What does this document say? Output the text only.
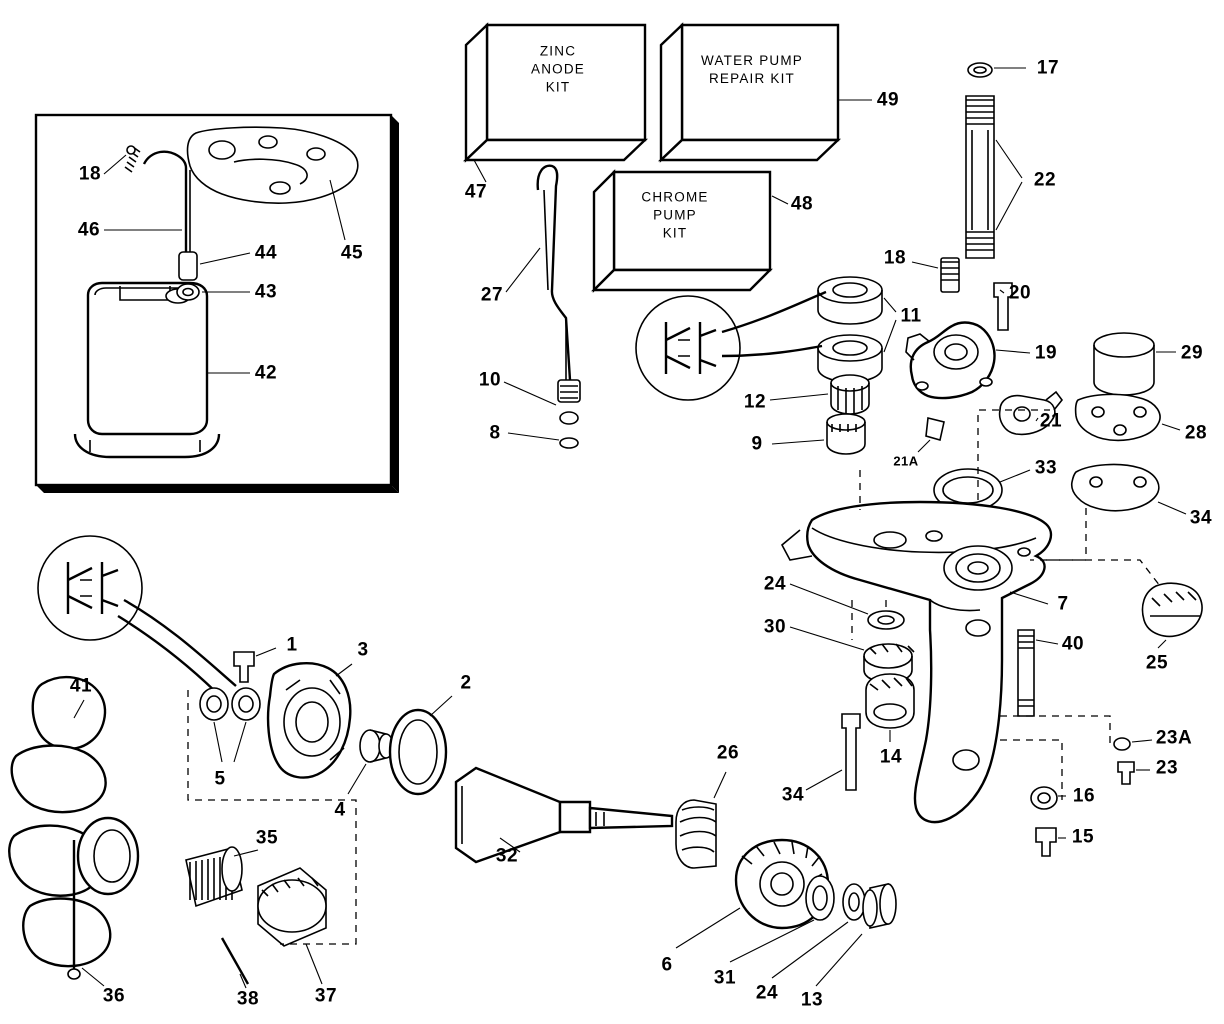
ZINC
ANODE
KIT
WATER PUMP
REPAIR KIT
CHROME
PUMP
KIT
18
46
44
43
45
42
47
49
48
27
10
8
12
9
11
17
22
18
20
19	29
21
21A
28
33
34
24
30
7
25
40
14
34
23A
23
16
15
1	3
5
4
2
41
35
36	38	37
32
26
6
31
24 13
